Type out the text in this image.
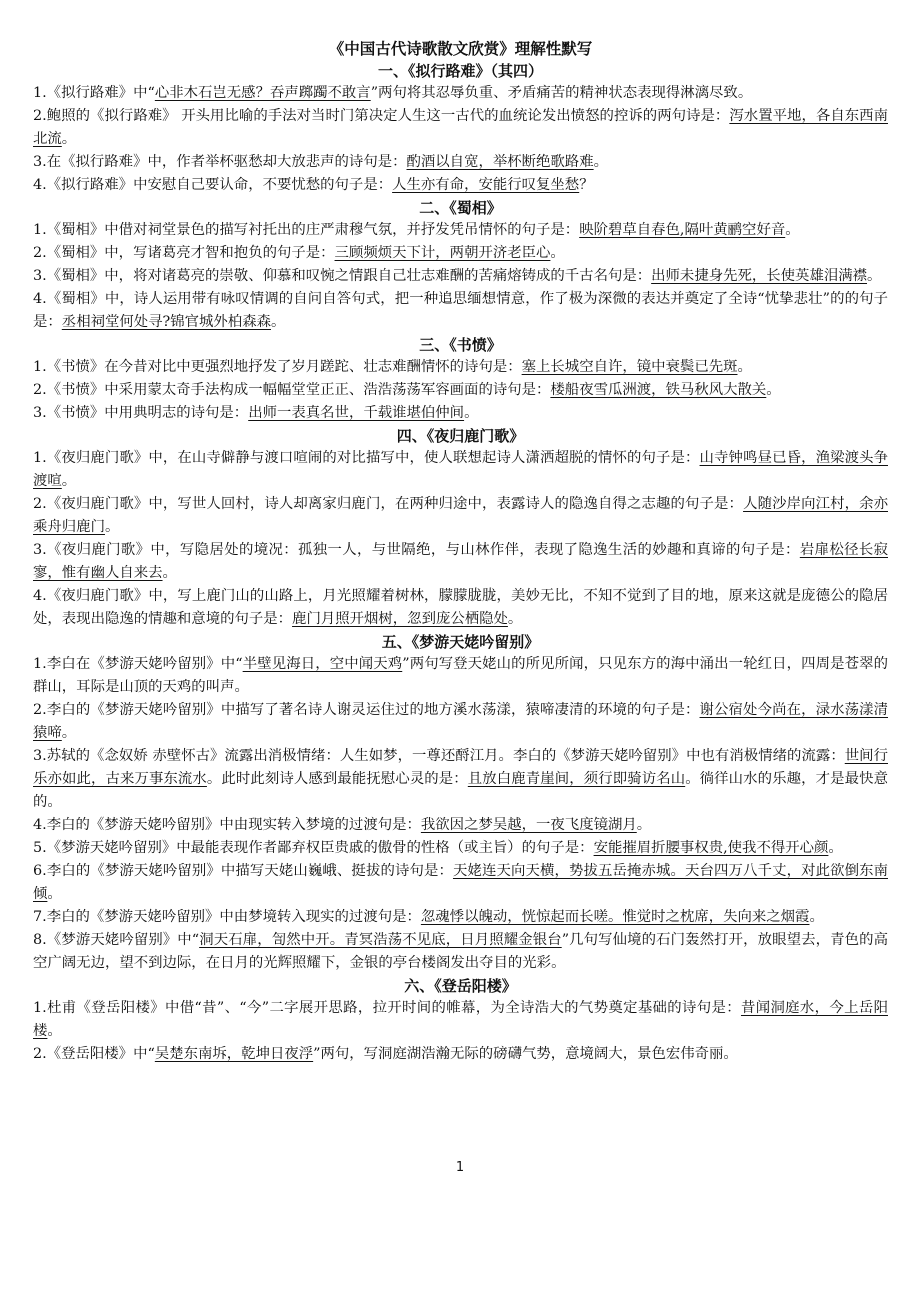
《中国古代诗歌散文欣赏》理解性默写

一、《拟行路难》（其四）

1.《拟行路难》中“心非木石岂无感？吞声踯躅不敢言”两句将其忍辱负重、矛盾痛苦的精神状态表现得淋漓尽致。

2.鲍照的《拟行路难》 开头用比喻的手法对当时门第决定人生这一古代的血统论发出愤怒的控诉的两句诗是：泻水置平地，各自东西南北流。

3.在《拟行路难》中，作者举杯驱愁却大放悲声的诗句是：酌酒以自宽，举杯断绝歌路难。

4.《拟行路难》中安慰自己要认命，不要忧愁的句子是：人生亦有命，安能行叹复坐愁？

二、《蜀相》

1.《蜀相》中借对祠堂景色的描写衬托出的庄严肃穆气氛，并抒发凭吊情怀的句子是：映阶碧草自春色,隔叶黄鹂空好音。

2.《蜀相》中，写诸葛亮才智和抱负的句子是：三顾频烦天下计，两朝开济老臣心。

3.《蜀相》中，将对诸葛亮的崇敬、仰慕和叹惋之情跟自己壮志难酬的苦痛熔铸成的千古名句是：出师未捷身先死，长使英雄泪满襟。

4.《蜀相》中，诗人运用带有咏叹情调的自问自答句式，把一种追思缅想情意，作了极为深微的表达并奠定了全诗“忧挚悲壮”的的句子是：丞相祠堂何处寻?锦官城外柏森森。

三、《书愤》

1.《书愤》在今昔对比中更强烈地抒发了岁月蹉跎、壮志难酬情怀的诗句是：塞上长城空自许，镜中衰鬓已先斑。

2.《书愤》中采用蒙太奇手法构成一幅幅堂堂正正、浩浩荡荡军容画面的诗句是：楼船夜雪瓜洲渡，铁马秋风大散关。

3.《书愤》中用典明志的诗句是：出师一表真名世，千载谁堪伯仲间。

四、《夜归鹿门歌》

1.《夜归鹿门歌》中，在山寺僻静与渡口喧闹的对比描写中，使人联想起诗人潇洒超脱的情怀的句子是：山寺钟鸣昼已昏，渔梁渡头争渡喧。

2.《夜归鹿门歌》中，写世人回村，诗人却离家归鹿门，在两种归途中，表露诗人的隐逸自得之志趣的句子是：人随沙岸向江村，余亦乘舟归鹿门。

3.《夜归鹿门歌》中，写隐居处的境况：孤独一人，与世隔绝，与山林作伴，表现了隐逸生活的妙趣和真谛的句子是：岩扉松径长寂寥，惟有幽人自来去。

4.《夜归鹿门歌》中，写上鹿门山的山路上，月光照耀着树林，朦朦胧胧，美妙无比，不知不觉到了目的地，原来这就是庞德公的隐居处，表现出隐逸的情趣和意境的句子是：鹿门月照开烟树，忽到庞公栖隐处。

五、《梦游天姥吟留别》

1.李白在《梦游天姥吟留别》中“半壁见海日，空中闻天鸡”两句写登天姥山的所见所闻，只见东方的海中涌出一轮红日，四周是苍翠的群山，耳际是山顶的天鸡的叫声。

2.李白的《梦游天姥吟留别》中描写了著名诗人谢灵运住过的地方溪水荡漾，猿啼凄清的环境的句子是：谢公宿处今尚在，渌水荡漾清猿啼。

3.苏轼的《念奴娇 赤壁怀古》流露出消极情绪：人生如梦，一尊还酹江月。李白的《梦游天姥吟留别》中也有消极情绪的流露：世间行乐亦如此，古来万事东流水。此时此刻诗人感到最能抚慰心灵的是：且放白鹿青崖间，须行即骑访名山。徜徉山水的乐趣，才是最快意的。

4.李白的《梦游天姥吟留别》中由现实转入梦境的过渡句是：我欲因之梦吴越，一夜飞度镜湖月。

5.《梦游天姥吟留别》中最能表现作者鄙弃权臣贵戚的傲骨的性格（或主旨）的句子是：安能摧眉折腰事权贵,使我不得开心颜。

6.李白的《梦游天姥吟留别》中描写天姥山巍峨、挺拔的诗句是：天姥连天向天横，势拔五岳掩赤城。天台四万八千丈，对此欲倒东南倾。

7.李白的《梦游天姥吟留别》中由梦境转入现实的过渡句是：忽魂悸以魄动，恍惊起而长嗟。惟觉时之枕席，失向来之烟霞。

8.《梦游天姥吟留别》中“洞天石扉，訇然中开。青冥浩荡不见底，日月照耀金银台”几句写仙境的石门轰然打开，放眼望去，青色的高空广阔无边，望不到边际，在日月的光辉照耀下，金银的亭台楼阁发出夺目的光彩。

六、《登岳阳楼》

1.杜甫《登岳阳楼》中借“昔”、“今”二字展开思路，拉开时间的帷幕，为全诗浩大的气势奠定基础的诗句是：昔闻洞庭水，今上岳阳楼。

2.《登岳阳楼》中“吴楚东南坼，乾坤日夜浮”两句，写洞庭湖浩瀚无际的磅礴气势，意境阔大，景色宏伟奇丽。

1
